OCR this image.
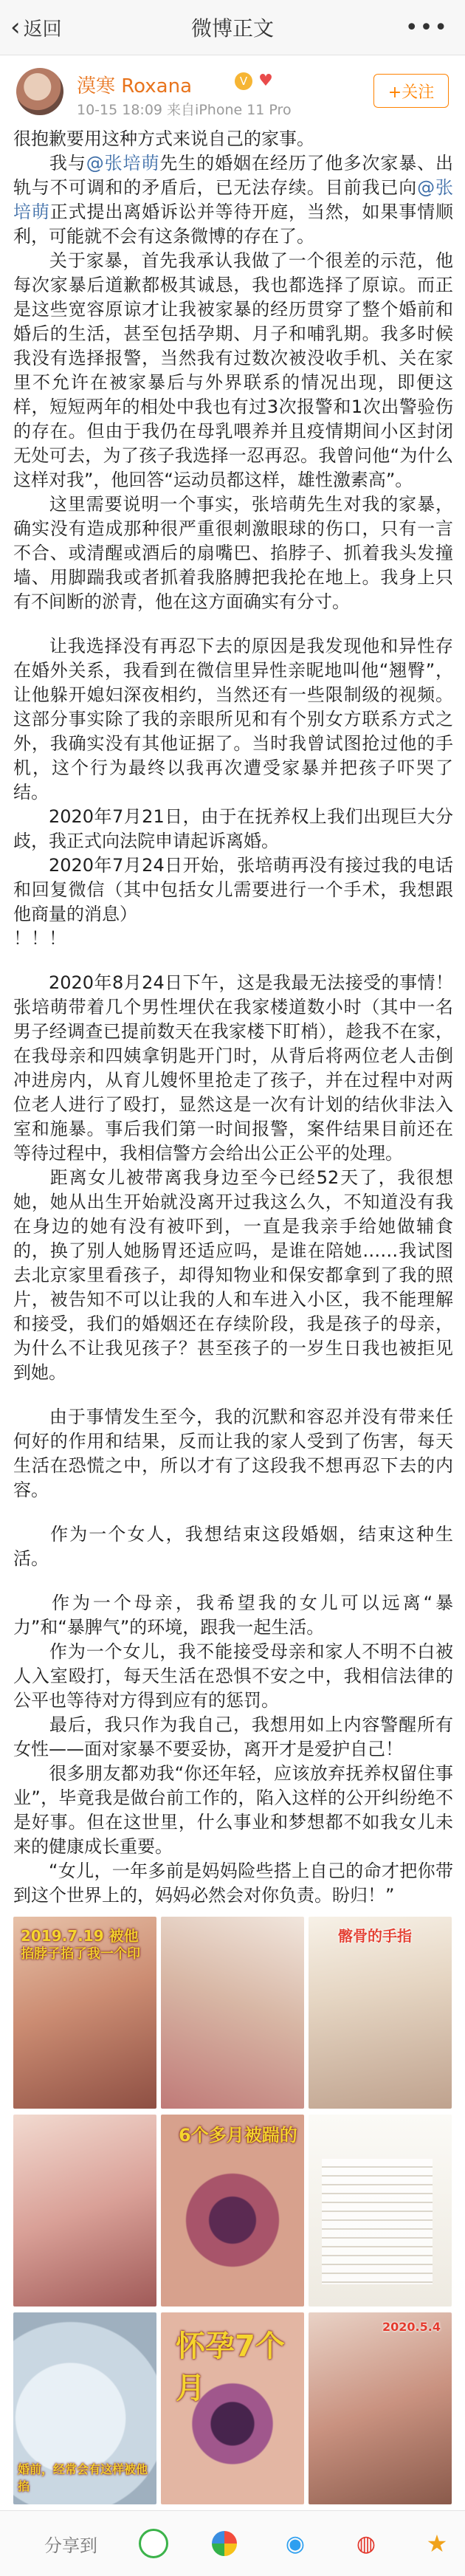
‹ 返回	微博正文	•••
漠寒 Roxana	V ♥
10-15 18:09 来自iPhone 11 Pro
+关注

很抱歉要用这种方式来说自己的家事。

  我与@张培萌先生的婚姻在经历了他多次家暴、出轨与不可调和的矛盾后，已无法存续。目前我已向@张培萌正式提出离婚诉讼并等待开庭，当然，如果事情顺利，可能就不会有这条微博的存在了。

  关于家暴，首先我承认我做了一个很差的示范，他每次家暴后道歉都极其诚恳，我也都选择了原谅。而正是这些宽容原谅才让我被家暴的经历贯穿了整个婚前和婚后的生活，甚至包括孕期、月子和哺乳期。我多时候我没有选择报警，当然我有过数次被没收手机、关在家里不允许在被家暴后与外界联系的情况出现，即便这样，短短两年的相处中我也有过3次报警和1次出警验伤的存在。但由于我仍在母乳喂养并且疫情期间小区封闭无处可去，为了孩子我选择一忍再忍。我曾问他“为什么这样对我”，他回答“运动员都这样，雄性激素高”。

  这里需要说明一个事实，张培萌先生对我的家暴，确实没有造成那种很严重很刺激眼球的伤口，只有一言不合、或清醒或酒后的扇嘴巴、掐脖子、抓着我头发撞墙、用脚踹我或者抓着我胳膊把我抡在地上。我身上只有不间断的淤青，他在这方面确实有分寸。

  让我选择没有再忍下去的原因是我发现他和异性存在婚外关系，我看到在微信里异性亲昵地叫他“翘臀”，让他躲开媳妇深夜相约，当然还有一些限制级的视频。这部分事实除了我的亲眼所见和有个别女方联系方式之外，我确实没有其他证据了。当时我曾试图抢过他的手机，这个行为最终以我再次遭受家暴并把孩子吓哭了结。

  2020年7月21日，由于在抚养权上我们出现巨大分歧，我正式向法院申请起诉离婚。

  2020年7月24日开始，张培萌再没有接过我的电话和回复微信（其中包括女儿需要进行一个手术，我想跟他商量的消息）

！！！

  2020年8月24日下午，这是我最无法接受的事情！张培萌带着几个男性埋伏在我家楼道数小时（其中一名男子经调查已提前数天在我家楼下盯梢），趁我不在家，在我母亲和四姨拿钥匙开门时，从背后将两位老人击倒冲进房内，从育儿嫂怀里抢走了孩子，并在过程中对两位老人进行了殴打，显然这是一次有计划的结伙非法入室和施暴。事后我们第一时间报警，案件结果目前还在等待过程中，我相信警方会给出公正公平的处理。

  距离女儿被带离我身边至今已经52天了，我很想她，她从出生开始就没离开过我这么久，不知道没有我在身边的她有没有被吓到，一直是我亲手给她做辅食的，换了别人她肠胃还适应吗，是谁在陪她……我试图去北京家里看孩子，却得知物业和保安都拿到了我的照片，被告知不可以让我的人和车进入小区，我不能理解和接受，我们的婚姻还在存续阶段，我是孩子的母亲，为什么不让我见孩子？甚至孩子的一岁生日我也被拒见到她。

  由于事情发生至今，我的沉默和容忍并没有带来任何好的作用和结果，反而让我的家人受到了伤害，每天生活在恐慌之中，所以才有了这段我不想再忍下去的内容。

  作为一个女人，我想结束这段婚姻，结束这种生活。

  作为一个母亲，我希望我的女儿可以远离“暴力”和“暴脾气”的环境，跟我一起生活。

  作为一个女儿，我不能接受母亲和家人不明不白被人入室殴打，每天生活在恐惧不安之中，我相信法律的公平也等待对方得到应有的惩罚。

  最后，我只作为我自己，我想用如上内容警醒所有女性——面对家暴不要妥协，离开才是爱护自己！

  很多朋友都劝我“你还年轻，应该放弃抚养权留住事业”，毕竟我是做台前工作的，陷入这样的公开纠纷绝不是好事。但在这世里，什么事业和梦想都不如我女儿未来的健康成长重要。

  “女儿，一年多前是妈妈险些搭上自己的命才把你带到这个世界上的，妈妈必然会对你负责。盼归！”

2019.7.19 被他
掐脖子掐了我一个印
髂骨的手指
6个多月被踹的
婚前，经常会有这样被他掐
怀孕7个月
2020.5.4
分享到	◉ ◍ ★
